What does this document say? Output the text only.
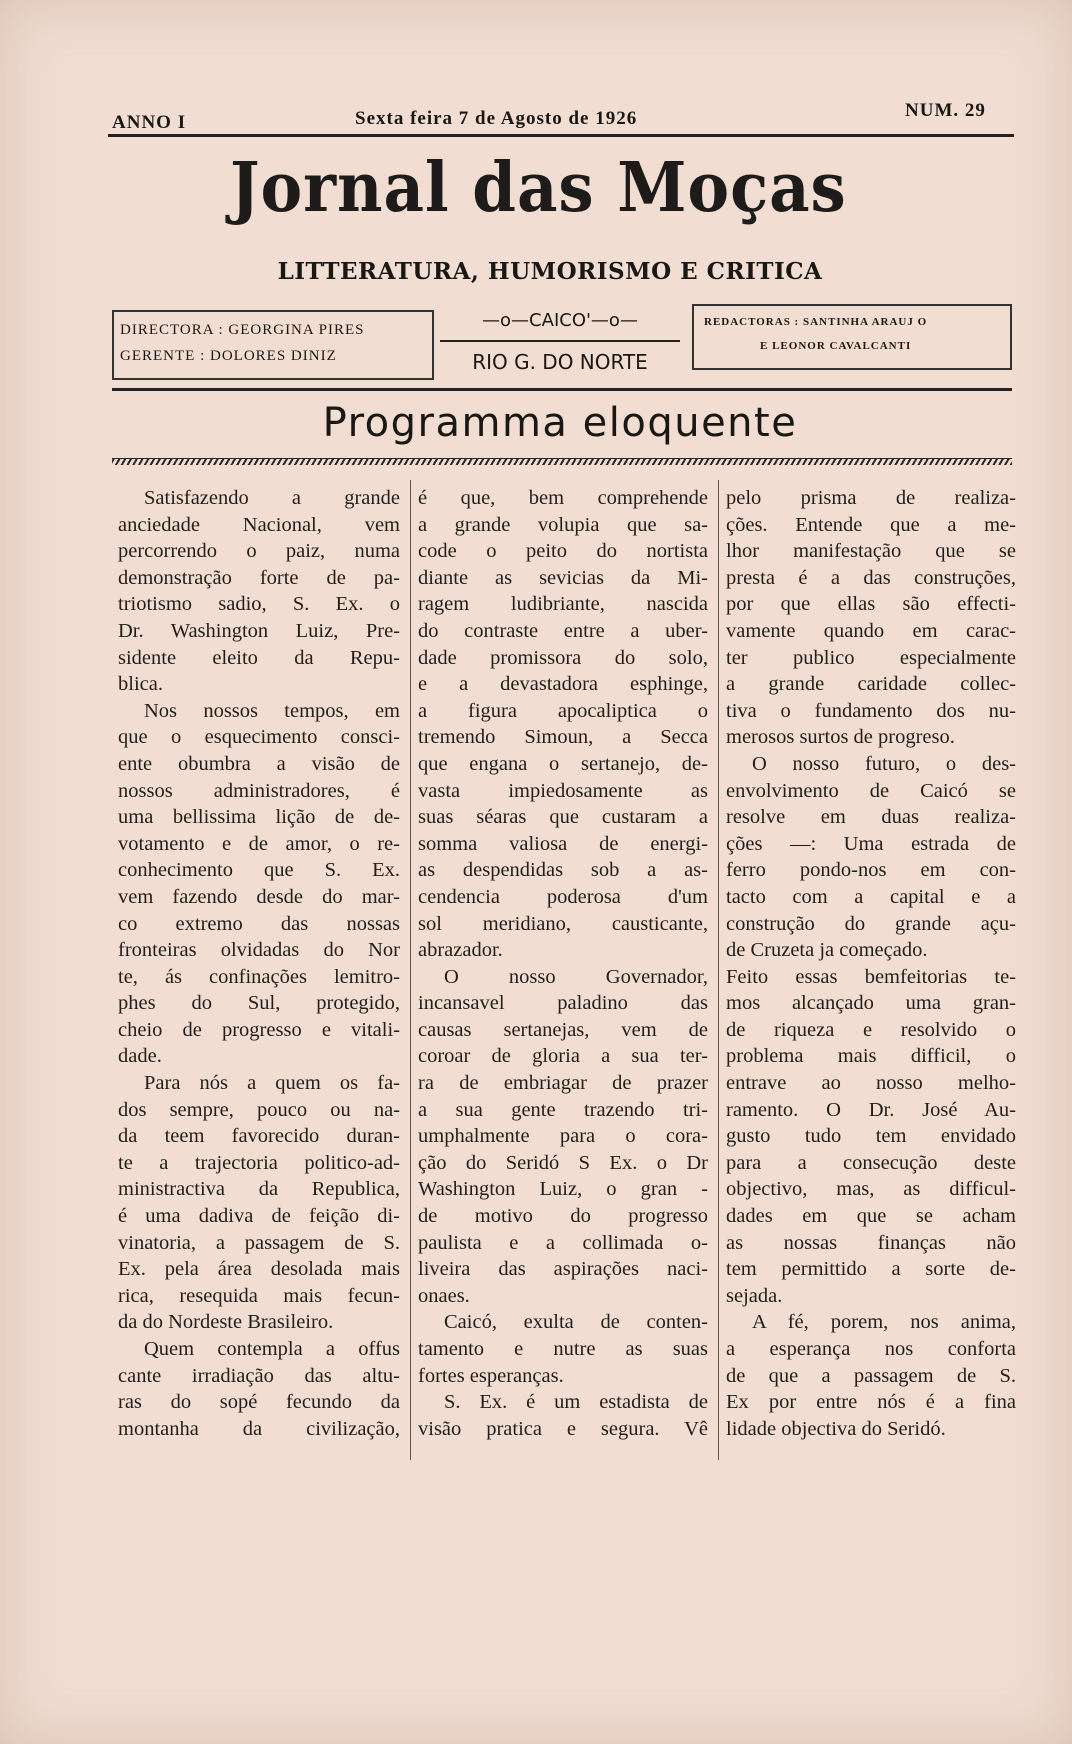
ANNO I	Sexta feira 7 de Agosto de 1926	NUM. 29
Jornal das Moças
LITTERATURA, HUMORISMO E CRITICA
DIRECTORA : GEORGINA PIRES
GERENTE : DOLORES DINIZ
—o—CAICO'—o—
RIO G. DO NORTE
REDACTORAS : SANTINHA ARAUJ O
E LEONOR CAVALCANTI
Programma eloquente
Satisfazendo a grande
anciedade Nacional, vem
percorrendo o paiz, numa
demonstração forte de pa-
triotismo sadio, S. Ex. o
Dr. Washington Luiz, Pre-
sidente eleito da Repu-
blica.
Nos nossos tempos, em
que o esquecimento consci-
ente obumbra a visão de
nossos administradores, é
uma bellissima lição de de-
votamento e de amor, o re-
conhecimento que S. Ex.
vem fazendo desde do mar-
co extremo das nossas
fronteiras olvidadas do Nor
te, ás confinações lemitro-
phes do Sul, protegido,
cheio de progresso e vitali-
dade.
Para nós a quem os fa-
dos sempre, pouco ou na-
da teem favorecido duran-
te a trajectoria politico-ad-
ministractiva da Republica,
é uma dadiva de feição di-
vinatoria, a passagem de S.
Ex. pela área desolada mais
rica, resequida mais fecun-
da do Nordeste Brasileiro.
Quem contempla a offus
cante irradiação das altu-
ras do sopé fecundo da
montanha da civilização,
é que, bem comprehende
a grande volupia que sa-
code o peito do nortista
diante as sevicias da Mi-
ragem ludibriante, nascida
do contraste entre a uber-
dade promissora do solo,
e a devastadora esphinge,
a figura apocaliptica o
tremendo Simoun, a Secca
que engana o sertanejo, de-
vasta impiedosamente as
suas séaras que custaram a
somma valiosa de energi-
as despendidas sob a as-
cendencia poderosa d'um
sol meridiano, causticante,
abrazador.
O nosso Governador,
incansavel paladino das
causas sertanejas, vem de
coroar de gloria a sua ter-
ra de embriagar de prazer
a sua gente trazendo tri-
umphalmente para o cora-
ção do Seridó S Ex. o Dr
Washington Luiz, o gran -
de motivo do progresso
paulista e a collimada o-
liveira das aspirações naci-
onaes.
Caicó, exulta de conten-
tamento e nutre as suas
fortes esperanças.
S. Ex. é um estadista de
visão pratica e segura. Vê
pelo prisma de realiza-
ções. Entende que a me-
lhor manifestação que se
presta é a das construções,
por que ellas são effecti-
vamente quando em carac-
ter publico especialmente
a grande caridade collec-
tiva o fundamento dos nu-
merosos surtos de progreso.
O nosso futuro, o des-
envolvimento de Caicó se
resolve em duas realiza-
ções —: Uma estrada de
ferro pondo-nos em con-
tacto com a capital e a
construção do grande açu-
de Cruzeta ja começado.
Feito essas bemfeitorias te-
mos alcançado uma gran-
de riqueza e resolvido o
problema mais difficil, o
entrave ao nosso melho-
ramento. O Dr. José Au-
gusto tudo tem envidado
para a consecução deste
objectivo, mas, as difficul-
dades em que se acham
as nossas finanças não
tem permittido a sorte de-
sejada.
A fé, porem, nos anima,
a esperança nos conforta
de que a passagem de S.
Ex por entre nós é a fina
lidade objectiva do Seridó.
